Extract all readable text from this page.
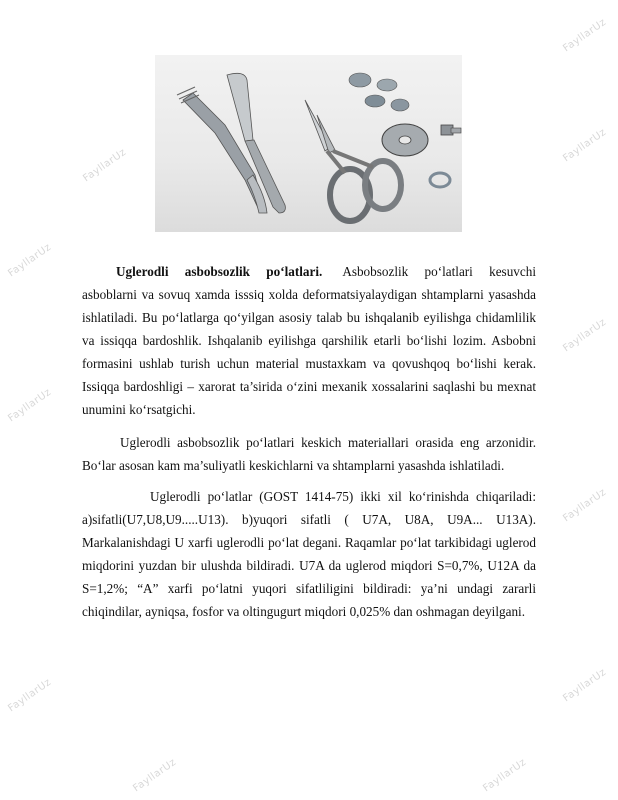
FayllarUz
FayllarUz
FayllarUz
FayllarUz
FayllarUz
FayllarUz
FayllarUz
FayllarUz
FayllarUz
FayllarUz	FayllarUz
Uglerodli asbobsozlik po‘latlari. Asbobsozlik po‘latlari kesuvchi asboblarni va sovuq xamda isssiq xolda deformatsiyalaydigan shtamplarni yasashda ishlatiladi. Bu po‘latlarga qo‘yilgan asosiy talab bu ishqalanib eyilishga chidamlilik va issiqqa bardoshlik. Ishqalanib eyilishga qarshilik etarli bo‘lishi lozim. Asbobni formasini ushlab turish uchun material mustaxkam va qovushqoq bo‘lishi kerak. Issiqqa bardoshligi – xarorat ta’sirida o‘zini mexanik xossalarini saqlashi bu mexnat unumini ko‘rsatgichi.
Uglerodli asbobsozlik po‘latlari keskich materiallari orasida eng arzonidir. Bo‘lar asosan kam ma’suliyatli keskichlarni va shtamplarni yasashda ishlatiladi.
Uglerodli po‘latlar (GOST 1414-75) ikki xil ko‘rinishda chiqariladi: a)sifatli(U7,U8,U9.....U13). b)yuqori sifatli ( U7A, U8A, U9A... U13A). Markalanishdagi U xarfi uglerodli po‘lat degani. Raqamlar po‘lat tarkibidagi uglerod miqdorini yuzdan bir ulushda bildiradi. U7A da uglerod miqdori S=0,7%, U12A da S=1,2%; “A” xarfi po‘latni yuqori sifatliligini bildiradi: ya’ni undagi zararli chiqindilar, ayniqsa, fosfor va oltingugurt miqdori 0,025% dan oshmagan deyilgani.
